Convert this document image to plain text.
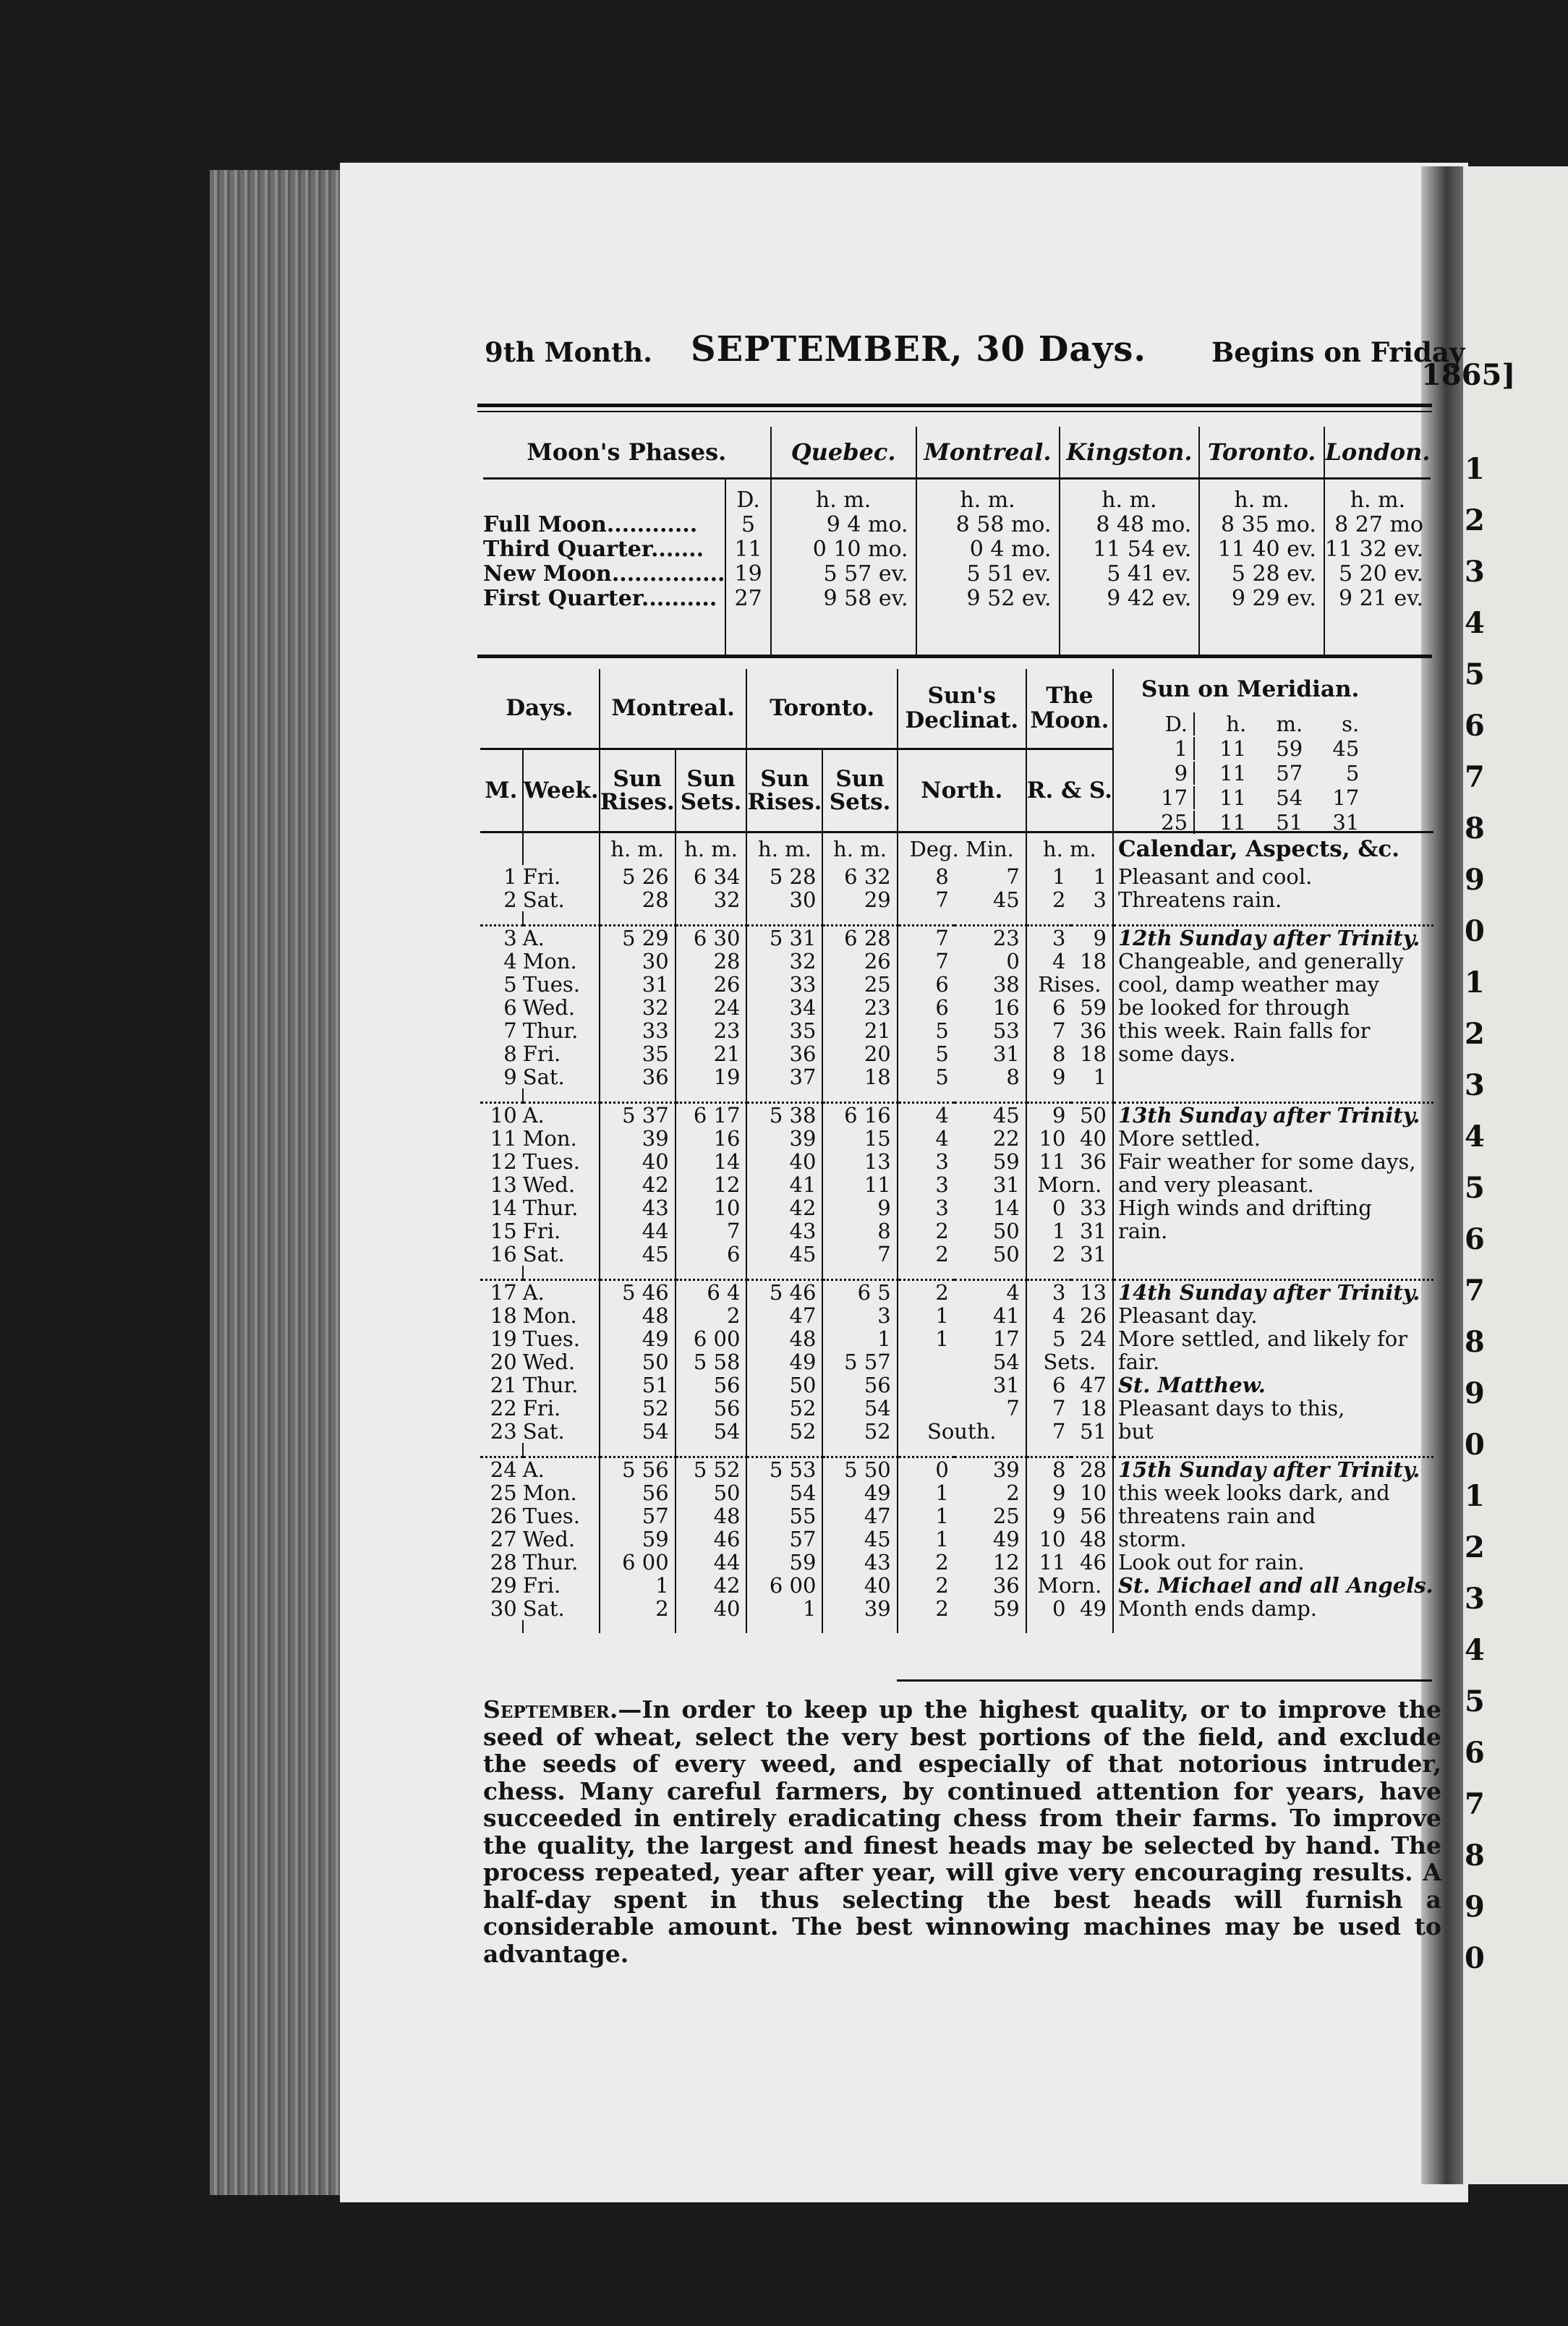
1
2
3
4
5
6
7
8
9
0
1
2
3
4
5
6
7
8
9
0
1
2
3
4
5
6
7
8
9
0
9th Month. SEPTEMBER, 30 Days. Begins on Friday
1865]
Moon's Phases.		Quebec.	Montreal.	Kingston.	Toronto.	London.
	D.	h. m.	h. m.	h. m.	h. m.	h. m.
Full Moon............	5	9 4 mo.	8 58 mo.	8 48 mo.	8 35 mo.	8 27 mo
Third Quarter.......	11	0 10 mo.	0 4 mo.	11 54 ev.	11 40 ev.	11 32 ev.
New Moon...............	19	5 57 ev.	5 51 ev.	5 41 ev.	5 28 ev.	5 20 ev.
First Quarter..........	27	9 58 ev.	9 52 ev.	9 42 ev.	9 29 ev.	9 21 ev.

Sun on Meridian.			
D.	h.	m.	s.
1	11	59	45
9	11	57	5
17	11	54	17
25	11	51	31
Days.		Montreal.		Toronto.		Sun's Declinat.		The Moon.		
M.	Week.	Sun Rises.	Sun Sets.	Sun Rises.	Sun Sets.	North.		R. & S.		
		h. m.	h. m.	h. m.	h. m.	Deg. Min.		h. m.		Calendar, Aspects, &c.
1	Fri.	5 26	6 34	5 28	6 32	8	7	1	1	Pleasant and cool.
2	Sat.	28	32	30	29	7	45	2	3	Threatens rain.

3	A.	5 29	6 30	5 31	6 28	7	23	3	9	12th Sunday after Trinity.
4	Mon.	30	28	32	26	7	0	4	18	Changeable, and generally
5	Tues.	31	26	33	25	6	38	Rises.		cool, damp weather may
6	Wed.	32	24	34	23	6	16	6	59	be looked for through
7	Thur.	33	23	35	21	5	53	7	36	this week. Rain falls for
8	Fri.	35	21	36	20	5	31	8	18	some days.
9	Sat.	36	19	37	18	5	8	9	1	

10	A.	5 37	6 17	5 38	6 16	4	45	9	50	13th Sunday after Trinity.
11	Mon.	39	16	39	15	4	22	10	40	More settled.
12	Tues.	40	14	40	13	3	59	11	36	Fair weather for some days,
13	Wed.	42	12	41	11	3	31	Morn.		and very pleasant.
14	Thur.	43	10	42	9	3	14	0	33	High winds and drifting
15	Fri.	44	7	43	8	2	50	1	31	rain.
16	Sat.	45	6	45	7	2	50	2	31	

17	A.	5 46	6 4	5 46	6 5	2	4	3	13	14th Sunday after Trinity.
18	Mon.	48	2	47	3	1	41	4	26	Pleasant day.
19	Tues.	49	6 00	48	1	1	17	5	24	More settled, and likely for
20	Wed.	50	5 58	49	5 57		54	Sets.		fair.
21	Thur.	51	56	50	56		31	6	47	St. Matthew.
22	Fri.	52	56	52	54		7	7	18	Pleasant days to this,
23	Sat.	54	54	52	52	South.		7	51	but

24	A.	5 56	5 52	5 53	5 50	0	39	8	28	15th Sunday after Trinity.
25	Mon.	56	50	54	49	1	2	9	10	this week looks dark, and
26	Tues.	57	48	55	47	1	25	9	56	threatens rain and
27	Wed.	59	46	57	45	1	49	10	48	storm.
28	Thur.	6 00	44	59	43	2	12	11	46	Look out for rain.
29	Fri.	1	42	6 00	40	2	36	Morn.		St. Michael and all Angels.
30	Sat.	2	40	1	39	2	59	0	49	Month ends damp.

September.—In order to keep up the highest quality, or to improve the seed of wheat, select the very best portions of the field, and exclude the seeds of every weed, and especially of that notorious intruder, chess. Many careful farmers, by continued attention for years, have succeeded in entirely eradicating chess from their farms. To improve the quality, the largest and finest heads may be selected by hand. The process repeated, year after year, will give very encouraging results. A half-day spent in thus selecting the best heads will furnish a considerable amount. The best winnowing machines may be used to advantage.
